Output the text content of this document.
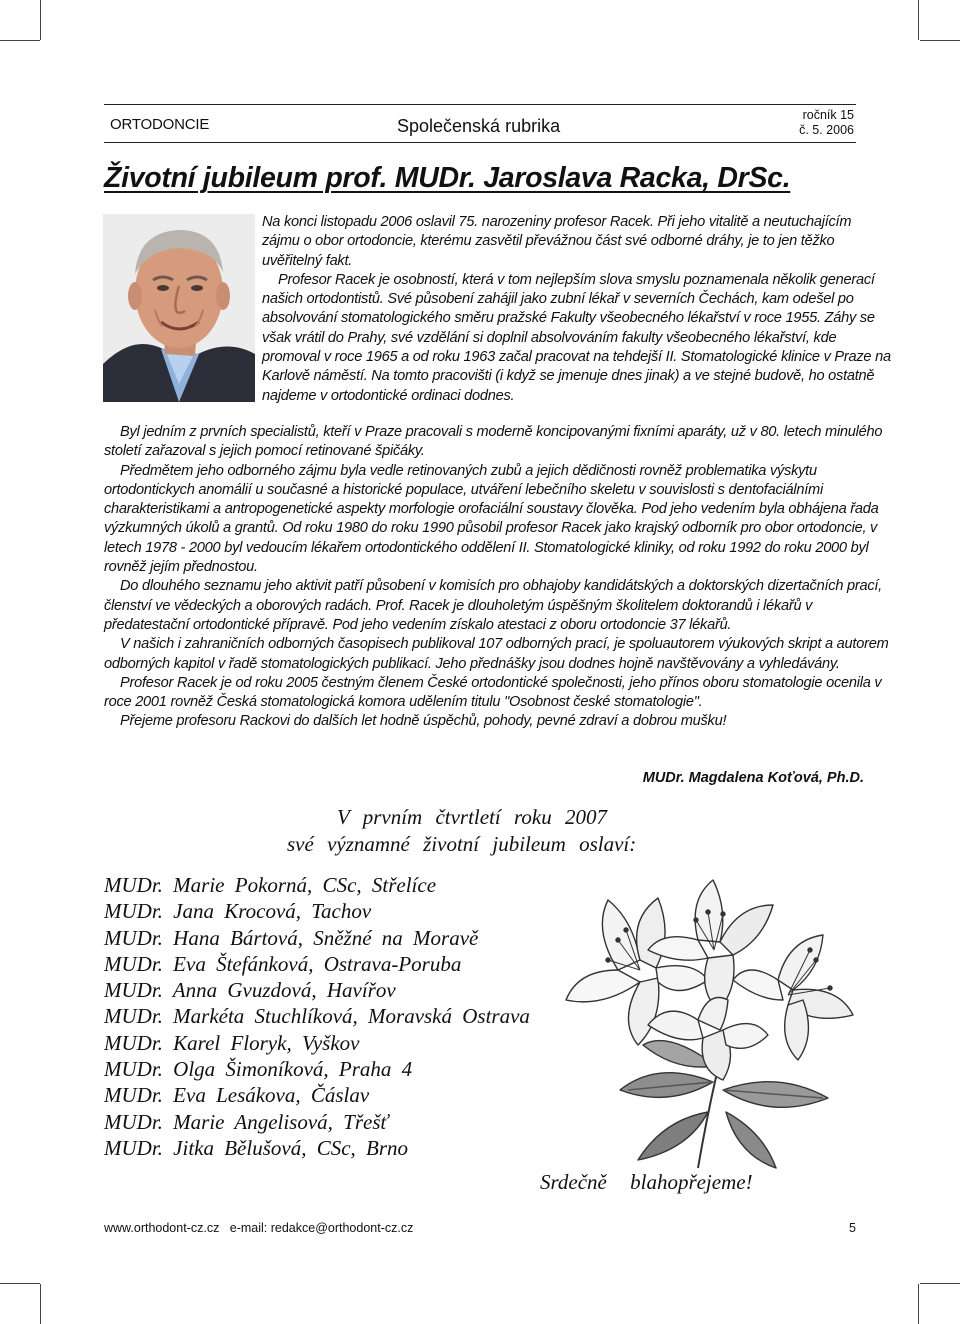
ORTODONCIE	Společenská rubrika
ročník 15
č. 5. 2006
Životní jubileum prof. MUDr. Jaroslava Racka, DrSc.

Na konci listopadu 2006 oslavil 75. narozeniny profesor Racek. Při jeho vitalitě a neutuchajícím zájmu o obor ortodoncie, kterému zasvětil převážnou část své odborné dráhy, je to jen těžko uvěřitelný fakt.

Profesor Racek je osobností, která v tom nejlepším slova smyslu poznamenala několik generací našich ortodontistů. Své působení zahájil jako zubní lékař v severních Čechách, kam odešel po absolvování stomatologického směru pražské Fakulty všeobecného lékařství v roce 1955. Záhy se však vrátil do Prahy, své vzdělání si doplnil absolvováním fakulty všeobecného lékařství, kde promoval v roce 1965 a od roku 1963 začal pracovat na tehdejší II. Stomatologické klinice v Praze na Karlově náměstí. Na tomto pracovišti (i když se jmenuje dnes jinak) a ve stejné budově, ho ostatně najdeme v ortodontické ordinaci dodnes.

Byl jedním z prvních specialistů, kteří v Praze pracovali s moderně koncipovanými fixními aparáty, už v 80. letech minulého století zařazoval s jejich pomocí retinované špičáky.

Předmětem jeho odborného zájmu byla vedle retinovaných zubů a jejich dědičnosti rovněž problematika výskytu ortodontickych anomálií u současné a historické populace, utváření lebečního skeletu v souvislosti s dentofaciálními charakteristikami a antropogenetické aspekty morfologie orofaciální soustavy člověka. Pod jeho vedením byla obhájena řada výzkumných úkolů a grantů. Od roku 1980 do roku 1990 působil profesor Racek jako krajský odborník pro obor ortodoncie, v letech 1978 - 2000 byl vedoucím lékařem ortodontického oddělení II. Stomatologické kliniky, od roku 1992 do roku 2000 byl rovněž jejím přednostou.

Do dlouhého seznamu jeho aktivit patří působení v komisích pro obhajoby kandidátských a doktorských dizertačních prací, členství ve vědeckých a oborových radách. Prof. Racek je dlouholetým úspěšným školitelem doktorandů i lékařů v předatestační ortodontické přípravě. Pod jeho vedením získalo atestaci z oboru ortodoncie 37 lékařů.

V našich i zahraničních odborných časopisech publikoval 107 odborných prací, je spoluautorem výukových skript a autorem odborných kapitol v řadě stomatologických publikací. Jeho přednášky jsou dodnes hojně navštěvovány a vyhledávány.

Profesor Racek je od roku 2005 čestným členem České ortodontické společnosti, jeho přínos oboru stomatologie ocenila v roce 2001 rovněž Česká stomatologická komora udělením titulu "Osobnost české stomatologie".

Přejeme profesoru Rackovi do dalších let hodně úspěchů, pohody, pevné zdraví a dobrou mušku!

MUDr. Magdalena Koťová, Ph.D.
V prvním čtvrtletí roku 2007
své významné životní jubileum oslaví:
MUDr. Marie Pokorná, CSc, Střelíce
MUDr. Jana Krocová, Tachov
MUDr. Hana Bártová, Sněžné na Moravě
MUDr. Eva Štefánková, Ostrava-Poruba
MUDr. Anna Gvuzdová, Havířov
MUDr. Markéta Stuchlíková, Moravská Ostrava
MUDr. Karel Floryk, Vyškov
MUDr. Olga Šimoníková, Praha 4
MUDr. Eva Lesákova, Čáslav
MUDr. Marie Angelisová, Třešť
MUDr. Jitka Bělušová, CSc, Brno
Srdečně blahopřejeme!
www.orthodont-cz.cz   e-mail: redakce@orthodont-cz.cz	5
